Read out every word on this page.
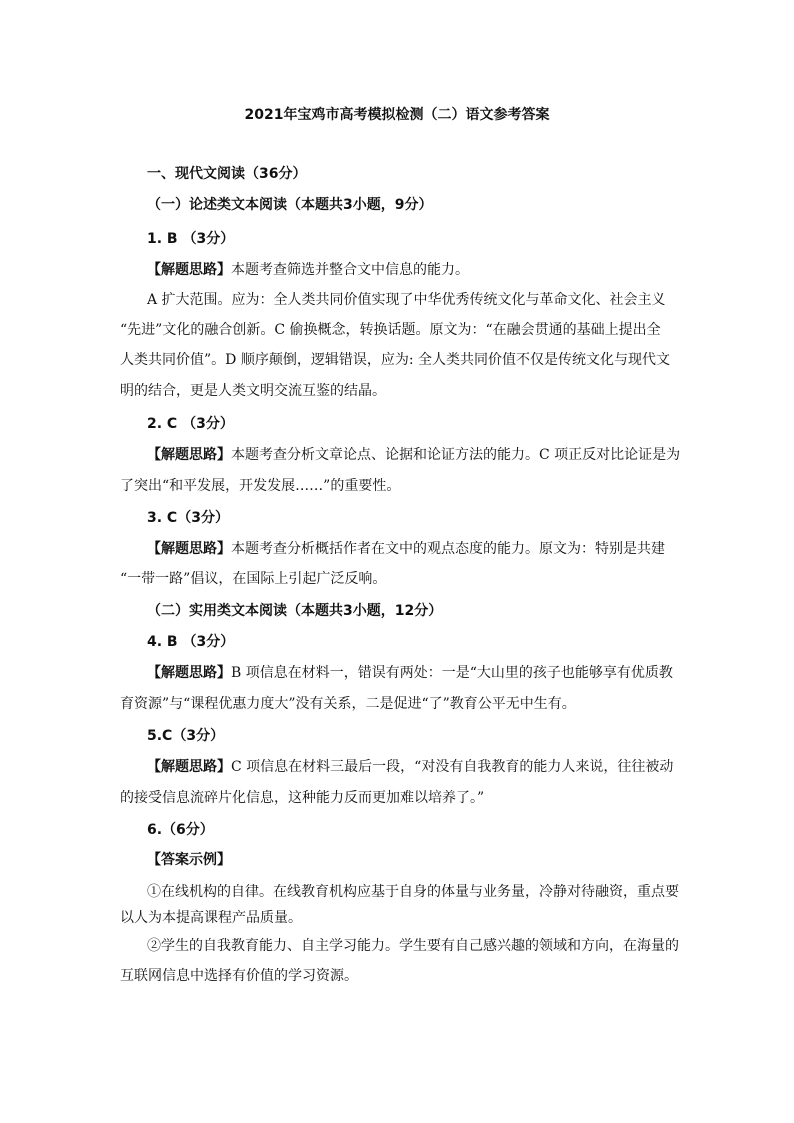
2021年宝鸡市高考模拟检测（二）语文参考答案
一、现代文阅读（36分）
（一）论述类文本阅读（本题共3小题，9分）
1. B （3分）
【解题思路】本题考查筛选并整合文中信息的能力。
A 扩大范围。应为：全人类共同价值实现了中华优秀传统文化与革命文化、社会主义
“先进”文化的融合创新。C 偷换概念，转换话题。原文为：“在融会贯通的基础上提出全
人类共同价值”。D 顺序颠倒，逻辑错误，应为: 全人类共同价值不仅是传统文化与现代文
明的结合，更是人类文明交流互鉴的结晶。
2. C （3分）
【解题思路】本题考查分析文章论点、论据和论证方法的能力。C 项正反对比论证是为
了突出“和平发展，开发发展……”的重要性。
3. C（3分）
【解题思路】本题考查分析概括作者在文中的观点态度的能力。原文为：特别是共建
“一带一路”倡议，在国际上引起广泛反响。
（二）实用类文本阅读（本题共3小题，12分）
4. B （3分）
【解题思路】B 项信息在材料一，错误有两处：一是“大山里的孩子也能够享有优质教
育资源”与“课程优惠力度大”没有关系，二是促进“了”教育公平无中生有。
5.C（3分）
【解题思路】C 项信息在材料三最后一段，“对没有自我教育的能力人来说，往往被动
的接受信息流碎片化信息，这种能力反而更加难以培养了。”
6.（6分）
【答案示例】
①在线机构的自律。在线教育机构应基于自身的体量与业务量，冷静对待融资，重点要
以人为本提高课程产品质量。
②学生的自我教育能力、自主学习能力。学生要有自己感兴趣的领域和方向，在海量的
互联网信息中选择有价值的学习资源。
